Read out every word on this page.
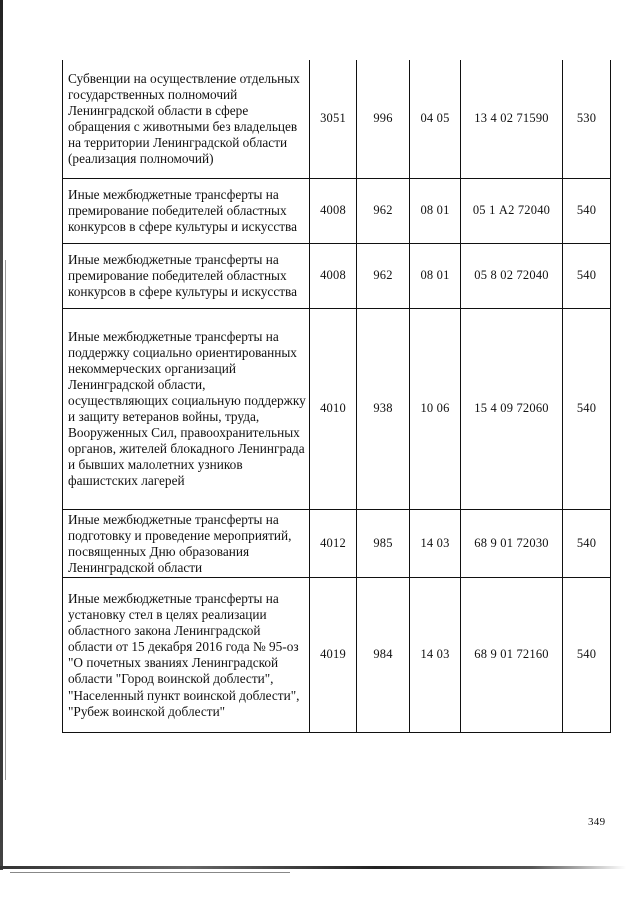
Субвенции на осуществление отдельных государственных полномочий Ленинградской области в сфере обращения с животными без владельцев на территории Ленинградской области (реализация полномочий)	3051	996	04 05	13 4 02 71590	530
Иные межбюджетные трансферты на премирование победителей областных конкурсов в сфере культуры и искусства	4008	962	08 01	05 1 А2 72040	540
Иные межбюджетные трансферты на премирование победителей областных конкурсов в сфере культуры и искусства	4008	962	08 01	05 8 02 72040	540
Иные межбюджетные трансферты на поддержку социально ориентированных некоммерческих организаций Ленинградской области, осуществляющих социальную поддержку и защиту ветеранов войны, труда, Вооруженных Сил, правоохранительных органов, жителей блокадного Ленинграда и бывших малолетних узников фашистских лагерей	4010	938	10 06	15 4 09 72060	540
Иные межбюджетные трансферты на подготовку и проведение мероприятий, посвященных Дню образования Ленинградской области	4012	985	14 03	68 9 01 72030	540
Иные межбюджетные трансферты на установку стел в целях реализации областного закона Ленинградской области от 15 декабря 2016 года № 95-оз "О почетных званиях Ленинградской области "Город воинской доблести", "Населенный пункт воинской доблести", "Рубеж воинской доблести"	4019	984	14 03	68 9 01 72160	540
349
